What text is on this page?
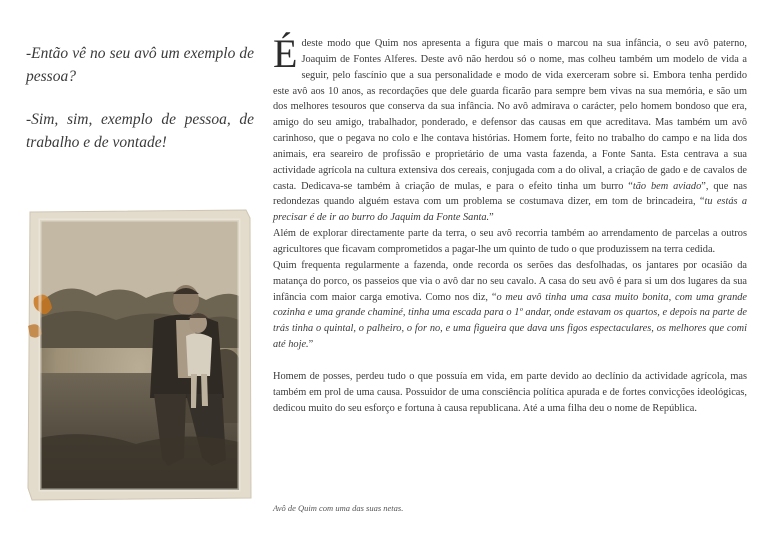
-Então vê no seu avô um exemplo de pessoa?

-Sim, sim, exemplo de pessoa, de trabalho e de vontade!

É deste modo que Quim nos apresenta a figura que mais o marcou na sua infância, o seu avô paterno, Joaquim de Fontes Alferes. Deste avô não herdou só o nome, mas colheu também um modelo de vida a seguir, pelo fascínio que a sua personalidade e modo de vida exerceram sobre si. Embora tenha perdido este avô aos 10 anos, as recordações que dele guarda ficarão para sempre bem vivas na sua memória, e são um dos melhores tesouros que conserva da sua infância. No avô admirava o carácter, pelo homem bondoso que era, amigo do seu amigo, trabalhador, ponderado, e defensor das causas em que acreditava. Mas também um avô carinhoso, que o pegava no colo e lhe contava histórias. Homem forte, feito no trabalho do campo e na lida dos animais, era seareiro de profissão e proprietário de uma vasta fazenda, a Fonte Santa. Esta centrava a sua actividade agrícola na cultura extensiva dos cereais, conjugada com a do olival, a criação de gado e de cavalos de casta. Dedicava-se também à criação de mulas, e para o efeito tinha um burro “tão bem aviado”, que nas redondezas quando alguém estava com um problema se costumava dizer, em tom de brincadeira, “tu estás a precisar é de ir ao burro do Jaquim da Fonte Santa.”

Além de explorar directamente parte da terra, o seu avô recorria também ao arrendamento de parcelas a outros agricultores que ficavam comprometidos a pagar-lhe um quinto de tudo o que produzissem na terra cedida.

Quim frequenta regularmente a fazenda, onde recorda os serões das desfolhadas, os jantares por ocasião da matança do porco, os passeios que via o avô dar no seu cavalo. A casa do seu avô é para si um dos lugares da sua infância com maior carga emotiva. Como nos diz, “o meu avô tinha uma casa muito bonita, com uma grande cozinha e uma grande chaminé, tinha uma escada para o 1º andar, onde estavam os quartos, e depois na parte de trás tinha o quintal, o palheiro, o for no, e uma figueira que dava uns figos espectaculares, os melhores que comi até hoje.”

Homem de posses, perdeu tudo o que possuía em vida, em parte devido ao declínio da actividade agrícola, mas também em prol de uma causa. Possuidor de uma consciência política apurada e de fortes convicções ideológicas, dedicou muito do seu esforço e fortuna à causa republicana. Até a uma filha deu o nome de República.

Avô de Quim com uma das suas netas.
